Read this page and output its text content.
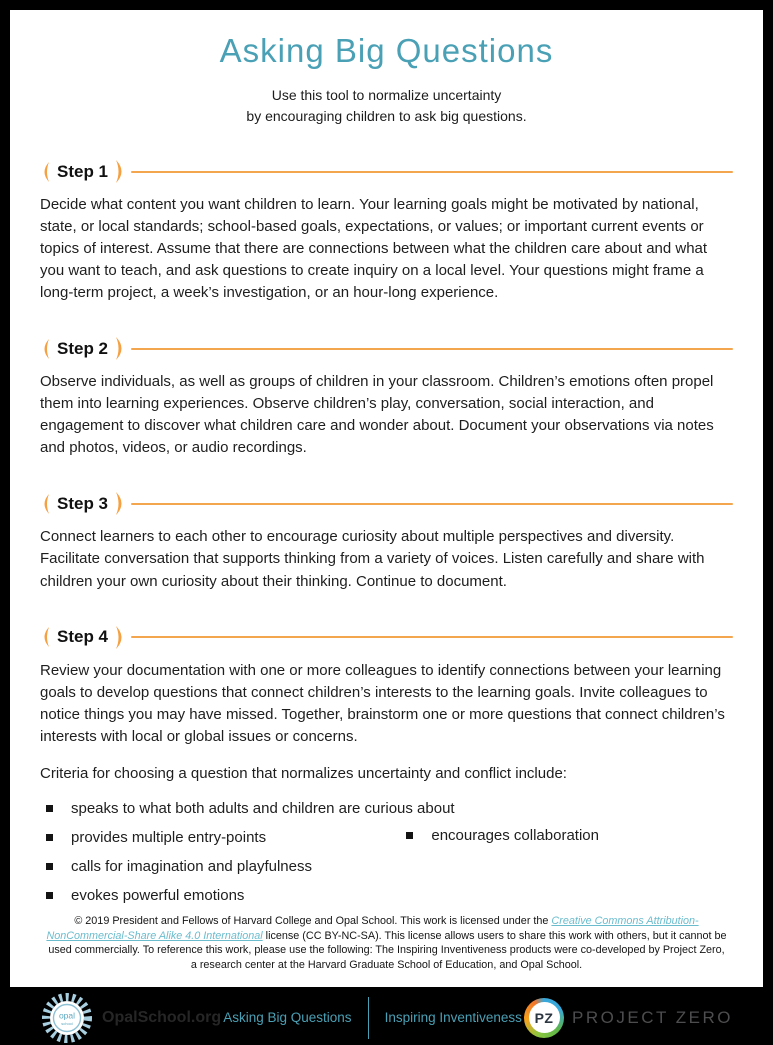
Asking Big Questions

Use this tool to normalize uncertainty
by encouraging children to ask big questions.

Step 1

Decide what content you want children to learn. Your learning goals might be motivated by national, state, or local standards; school-based goals, expectations, or values; or important current events or topics of interest. Assume that there are connections between what the children care about and what you want to teach, and ask questions to create inquiry on a local level. Your questions might frame a long-term project, a week’s investigation, or an hour-long experience.

Step 2

Observe individuals, as well as groups of children in your classroom. Children’s emotions often propel them into learning experiences. Observe children’s play, conversation, social interaction, and engagement to discover what children care and wonder about. Document your observations via notes and photos, videos, or audio recordings.

Step 3

Connect learners to each other to encourage curiosity about multiple perspectives and diversity. Facilitate conversation that supports thinking from a variety of voices. Listen carefully and share with children your own curiosity about their thinking. Continue to document.

Step 4

Review your documentation with one or more colleagues to identify connections between your learning goals to develop questions that connect children’s interests to the learning goals. Invite colleagues to notice things you may have missed. Together, brainstorm one or more questions that connect children’s interests with local or global issues or concerns.

Criteria for choosing a question that normalizes uncertainty and conflict include:

speaks to what both adults and children are curious about
provides multiple entry-points
calls for imagination and playfulness
evokes powerful emotions
encourages collaboration

© 2019 President and Fellows of Harvard College and Opal School. This work is licensed under the Creative Commons Attribution-NonCommercial-Share Alike 4.0 International license (CC BY-NC-SA). This license allows users to share this work with others, but it cannot be used commercially. To reference this work, please use the following: The Inspiring Inventiveness products were co-developed by Project Zero, a research center at the Harvard Graduate School of Education, and Opal School.

opal
school OpalSchool.org Asking Big Questions Inspiring Inventiveness PZ	PROJECT ZERO
